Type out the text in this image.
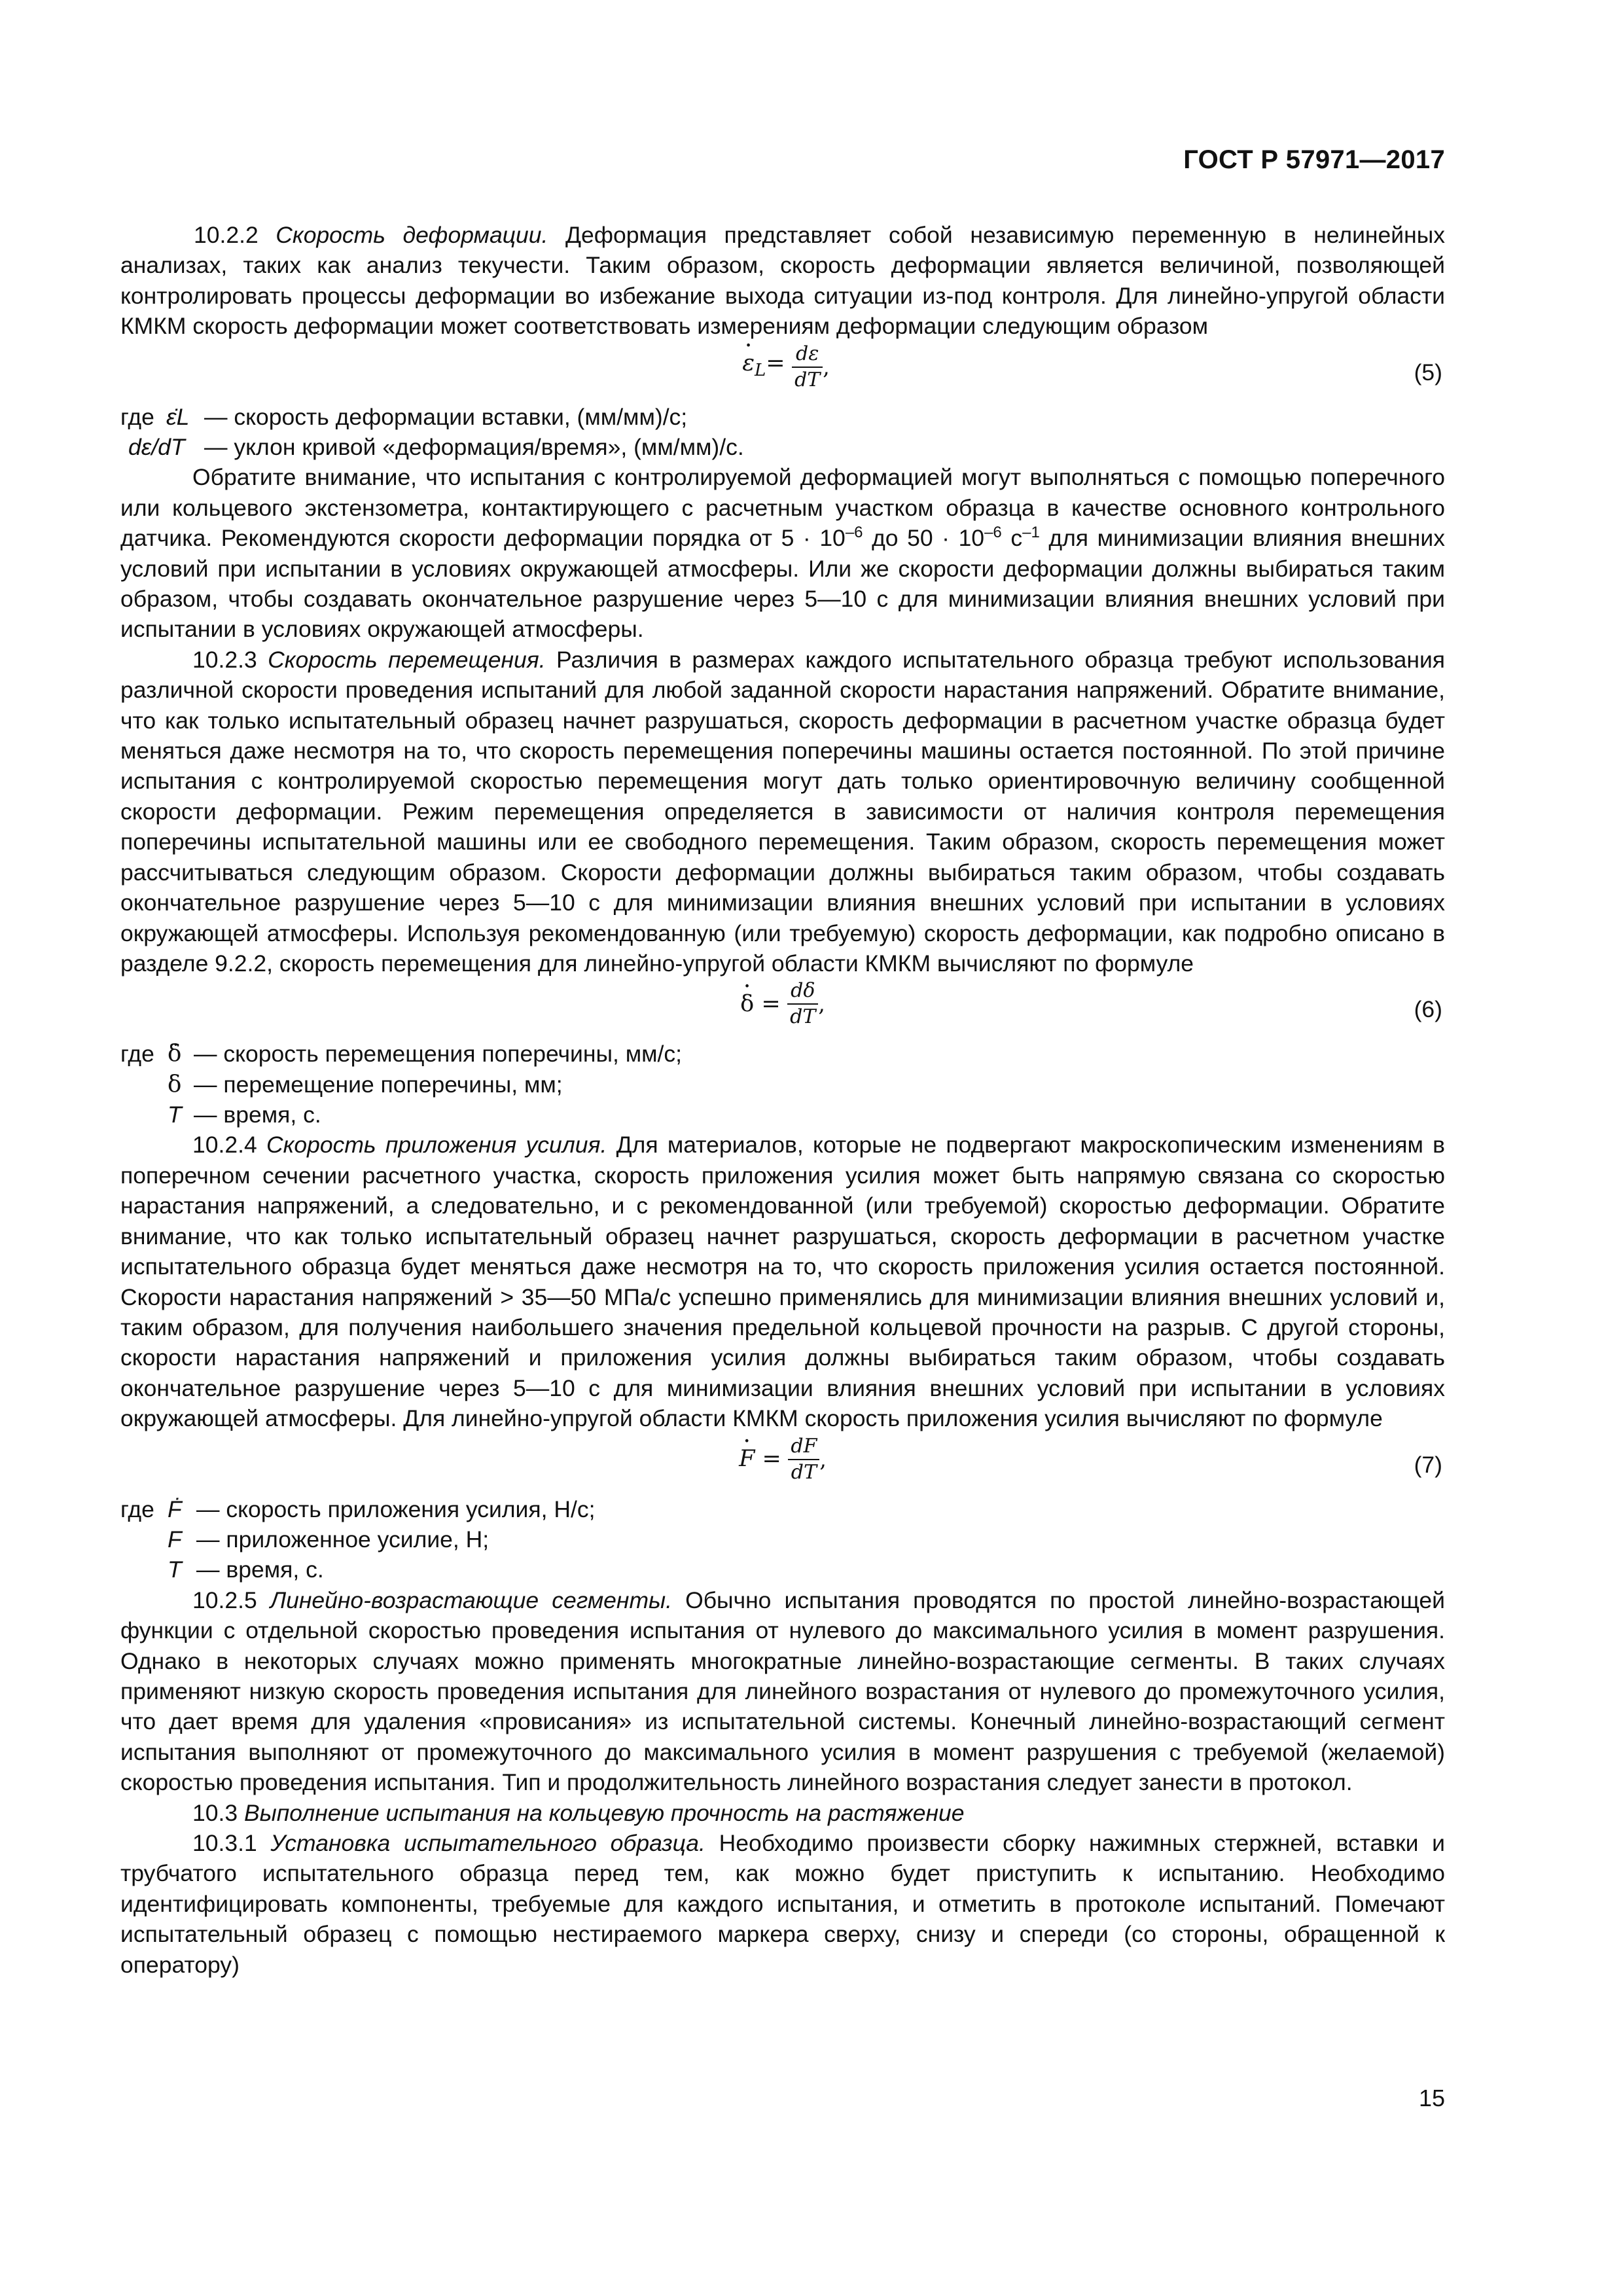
ГОСТ Р 57971—2017

10.2.2 Скорость деформации. Деформация представляет собой независимую переменную в нелинейных анализах, таких как анализ текучести. Таким образом, скорость деформации является величиной, позволяющей контролировать процессы деформации во избежание выхода ситуации из-под контроля. Для линейно-упругой области КМКМ скорость деформации может соответствовать измерениям деформации следующим образом

· $\varepsilon_L= \frac{d\varepsilon}{dT}$ ,	(5)
где ε̇L — скорость деформации вставки, (мм/мм)/с;
dε/dT — уклон кривой «деформация/время», (мм/мм)/с.

Обратите внимание, что испытания с контролируемой деформацией могут выполняться с помощью поперечного или кольцевого экстензометра, контактирующего с расчетным участком образца в качестве основного контрольного датчика. Рекомендуются скорости деформации порядка от $5 \cdot 10^{-6}$ до $50 \cdot 10^{-6}$ $с^{-1}$ для минимизации влияния внешних условий при испытании в условиях окружающей атмосферы. Или же скорости деформации должны выбираться таким образом, чтобы создавать окончательное разрушение через 5—10 с для минимизации влияния внешних условий при испытании в условиях окружающей атмосферы.

10.2.3 Скорость перемещения. Различия в размерах каждого испытательного образца требуют использования различной скорости проведения испытаний для любой заданной скорости нарастания напряжений. Обратите внимание, что как только испытательный образец начнет разрушаться, скорость деформации в расчетном участке образца будет меняться даже несмотря на то, что скорость перемещения поперечины машины остается постоянной. По этой причине испытания с контролируемой скоростью перемещения могут дать только ориентировочную величину сообщенной скорости деформации. Режим перемещения определяется в зависимости от наличия контроля перемещения поперечины испытательной машины или ее свободного перемещения. Таким образом, скорость перемещения может рассчитываться следующим образом. Скорости деформации должны выбираться таким образом, чтобы создавать окончательное разрушение через 5—10 с для минимизации влияния внешних условий при испытании в условиях окружающей атмосферы. Используя рекомендованную (или требуемую) скорость деформации, как подробно описано в разделе 9.2.2, скорость перемещения для линейно-упругой области КМКМ вычисляют по формуле

· $\delta = \frac{d\delta}{dT}$ ,	(6)
где δ̇ — скорость перемещения поперечины, мм/с;
δ — перемещение поперечины, мм;
T — время, с.

10.2.4 Скорость приложения усилия. Для материалов, которые не подвергают макроскопическим изменениям в поперечном сечении расчетного участка, скорость приложения усилия может быть напрямую связана со скоростью нарастания напряжений, а следовательно, и с рекомендованной (или требуемой) скоростью деформации. Обратите внимание, что как только испытательный образец начнет разрушаться, скорость деформации в расчетном участке испытательного образца будет меняться даже несмотря на то, что скорость приложения усилия остается постоянной. Скорости нарастания напряжений > 35—50 МПа/с успешно применялись для минимизации влияния внешних условий и, таким образом, для получения наибольшего значения предельной кольцевой прочности на разрыв. С другой стороны, скорости нарастания напряжений и приложения усилия должны выбираться таким образом, чтобы создавать окончательное разрушение через 5—10 с для минимизации влияния внешних условий при испытании в условиях окружающей атмосферы. Для линейно-упругой области КМКМ скорость приложения усилия вычисляют по формуле

· $F = \frac{dF}{dT}$ ,	(7)
где Ḟ — скорость приложения усилия, Н/с;
F — приложенное усилие, Н;
T — время, с.

10.2.5 Линейно-возрастающие сегменты. Обычно испытания проводятся по простой линейно-возрастающей функции с отдельной скоростью проведения испытания от нулевого до максимального усилия в момент разрушения. Однако в некоторых случаях можно применять многократные линейно-возрастающие сегменты. В таких случаях применяют низкую скорость проведения испытания для линейного возрастания от нулевого до промежуточного усилия, что дает время для удаления «провисания» из испытательной системы. Конечный линейно-возрастающий сегмент испытания выполняют от промежуточного до максимального усилия в момент разрушения с требуемой (желаемой) скоростью проведения испытания. Тип и продолжительность линейного возрастания следует занести в протокол.

10.3 Выполнение испытания на кольцевую прочность на растяжение

10.3.1 Установка испытательного образца. Необходимо произвести сборку нажимных стержней, вставки и трубчатого испытательного образца перед тем, как можно будет приступить к испытанию. Необходимо идентифицировать компоненты, требуемые для каждого испытания, и отметить в протоколе испытаний. Помечают испытательный образец с помощью нестираемого маркера сверху, снизу и спереди (со стороны, обращенной к оператору)

15
